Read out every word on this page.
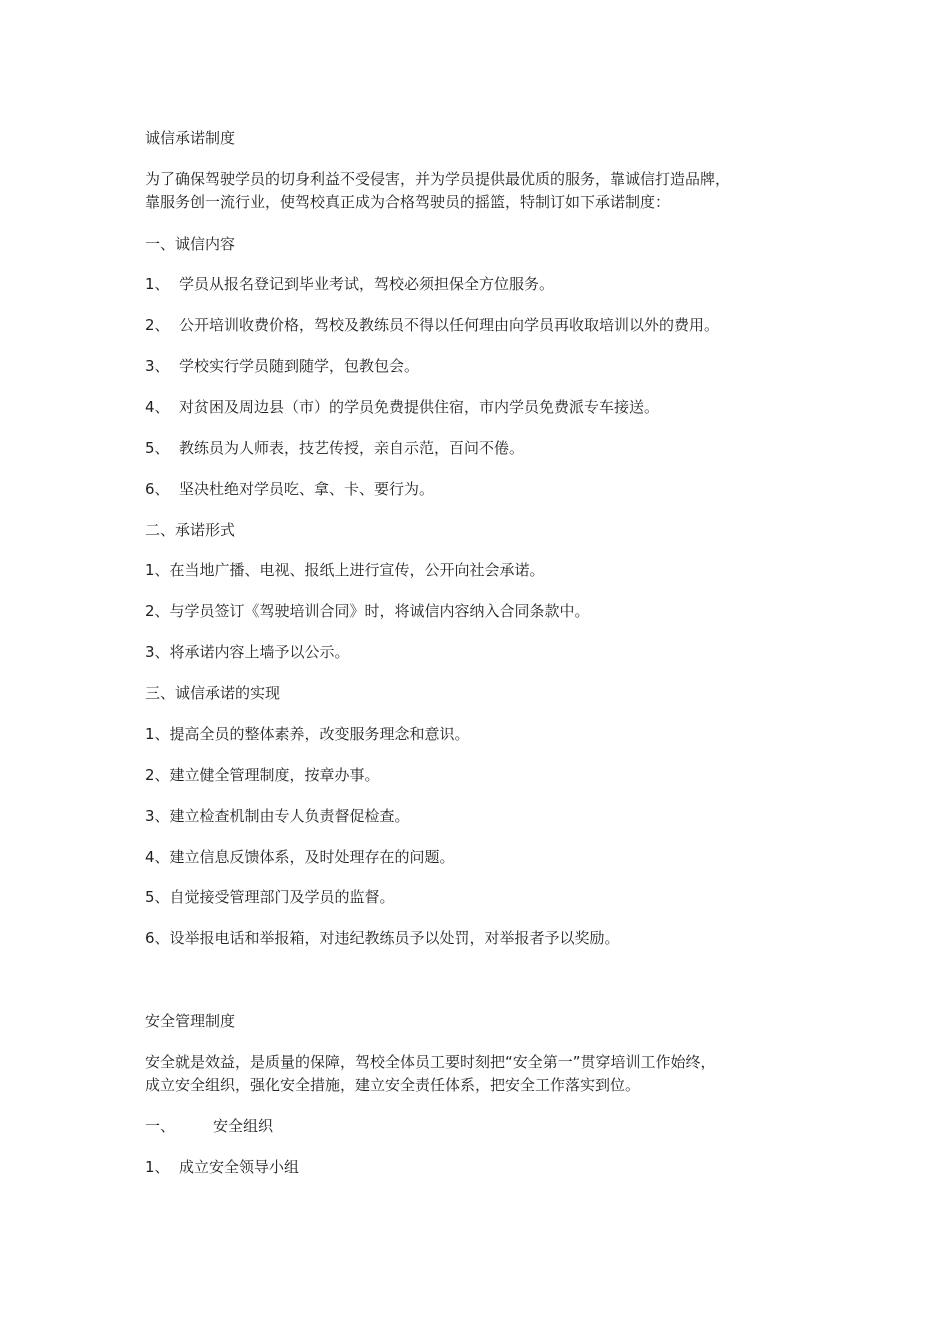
诚信承诺制度
为了确保驾驶学员的切身利益不受侵害，并为学员提供最优质的服务，靠诚信打造品牌，
靠服务创一流行业，使驾校真正成为合格驾驶员的摇篮，特制订如下承诺制度：
一、诚信内容
1、 学员从报名登记到毕业考试，驾校必须担保全方位服务。
2、 公开培训收费价格，驾校及教练员不得以任何理由向学员再收取培训以外的费用。
3、 学校实行学员随到随学，包教包会。
4、 对贫困及周边县（市）的学员免费提供住宿，市内学员免费派专车接送。
5、 教练员为人师表，技艺传授，亲自示范，百问不倦。
6、 坚决杜绝对学员吃、拿、卡、要行为。
二、承诺形式
1、在当地广播、电视、报纸上进行宣传，公开向社会承诺。
2、与学员签订《驾驶培训合同》时，将诚信内容纳入合同条款中。
3、将承诺内容上墙予以公示。
三、诚信承诺的实现
1、提高全员的整体素养，改变服务理念和意识。
2、建立健全管理制度，按章办事。
3、建立检查机制由专人负责督促检查。
4、建立信息反馈体系，及时处理存在的问题。
5、自觉接受管理部门及学员的监督。
6、设举报电话和举报箱，对违纪教练员予以处罚，对举报者予以奖励。
安全管理制度
安全就是效益，是质量的保障，驾校全体员工要时刻把“安全第一”贯穿培训工作始终，
成立安全组织，强化安全措施，建立安全责任体系，把安全工作落实到位。
一、	安全组织
1、 成立安全领导小组
